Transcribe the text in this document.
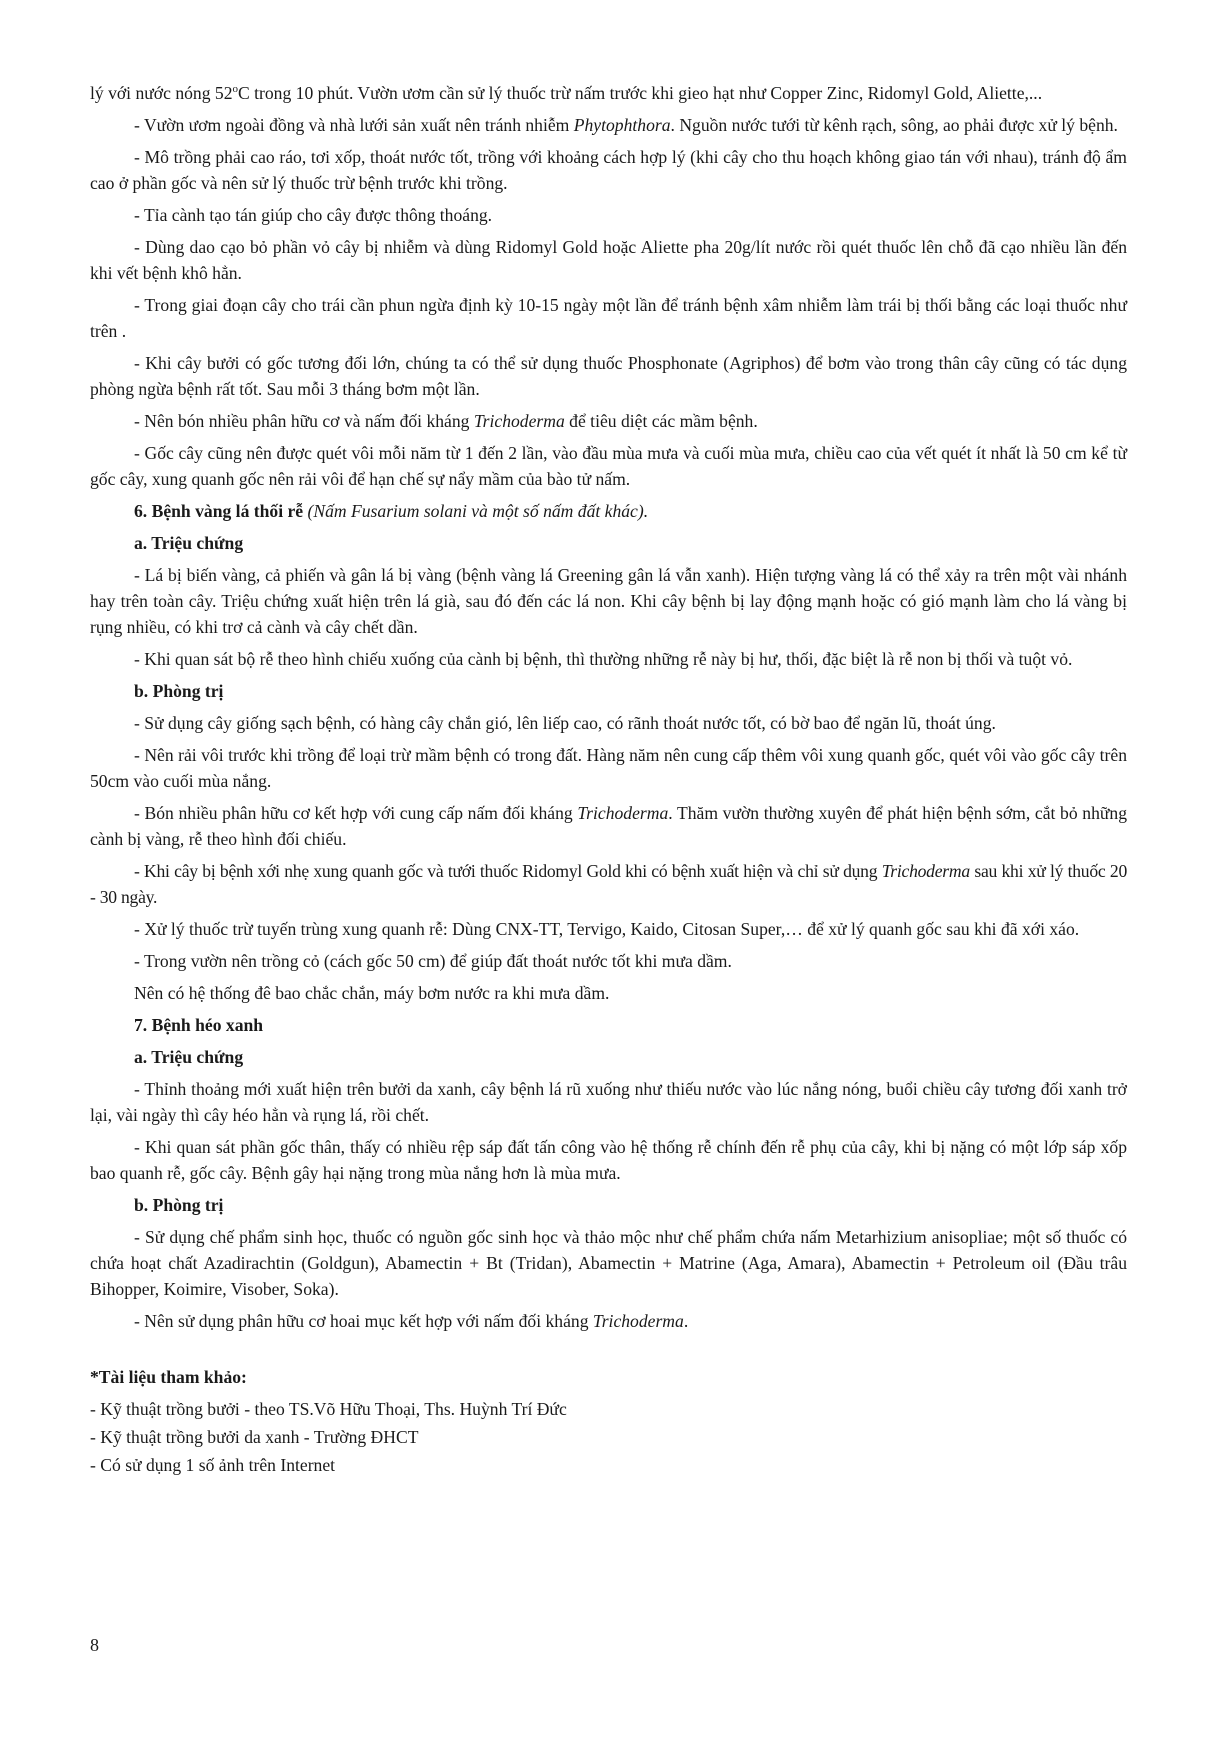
lý với nước nóng 52$^o$C trong 10 phút. Vườn ươm cần sử lý thuốc trừ nấm trước khi gieo hạt như Copper Zinc, Ridomyl Gold, Aliette,...

- Vườn ươm ngoài đồng và nhà lưới sản xuất nên tránh nhiễm Phytophthora. Nguồn nước tưới từ kênh rạch, sông, ao phải được xử lý bệnh.

- Mô trồng phải cao ráo, tơi xốp, thoát nước tốt, trồng với khoảng cách hợp lý (khi cây cho thu hoạch không giao tán với nhau), tránh độ ẩm cao ở phần gốc và nên sử lý thuốc trừ bệnh trước khi trồng.

- Tỉa cành tạo tán giúp cho cây được thông thoáng.

- Dùng dao cạo bỏ phần vỏ cây bị nhiễm và dùng Ridomyl Gold hoặc Aliette pha 20g/lít nước rồi quét thuốc lên chỗ đã cạo nhiều lần đến khi vết bệnh khô hẳn.

- Trong giai đoạn cây cho trái cần phun ngừa định kỳ 10-15 ngày một lần để tránh bệnh xâm nhiễm làm trái bị thối bằng các loại thuốc như trên .

- Khi cây bưởi có gốc tương đối lớn, chúng ta có thể sử dụng thuốc Phosphonate (Agriphos) để bơm vào trong thân cây cũng có tác dụng phòng ngừa bệnh rất tốt. Sau mỗi 3 tháng bơm một lần.

- Nên bón nhiều phân hữu cơ và nấm đối kháng Trichoderma để tiêu diệt các mầm bệnh.

- Gốc cây cũng nên được quét vôi mỗi năm từ 1 đến 2 lần, vào đầu mùa mưa và cuối mùa mưa, chiều cao của vết quét ít nhất là 50 cm kể từ gốc cây, xung quanh gốc nên rải vôi để hạn chế sự nẩy mầm của bào tử nấm.

6. Bệnh vàng lá thối rễ (Nấm Fusarium solani và một số nấm đất khác).

a. Triệu chứng

- Lá bị biến vàng, cả phiến và gân lá bị vàng (bệnh vàng lá Greening gân lá vẫn xanh). Hiện tượng vàng lá có thể xảy ra trên một vài nhánh hay trên toàn cây. Triệu chứng xuất hiện trên lá già, sau đó đến các lá non. Khi cây bệnh bị lay động mạnh hoặc có gió mạnh làm cho lá vàng bị rụng nhiều, có khi trơ cả cành và cây chết dần.

- Khi quan sát bộ rễ theo hình chiếu xuống của cành bị bệnh, thì thường những rễ này bị hư, thối, đặc biệt là rễ non bị thối và tuột vỏ.

b. Phòng trị

- Sử dụng cây giống sạch bệnh, có hàng cây chắn gió, lên liếp cao, có rãnh thoát nước tốt, có bờ bao để ngăn lũ, thoát úng.

- Nên rải vôi trước khi trồng để loại trừ mầm bệnh có trong đất. Hàng năm nên cung cấp thêm vôi xung quanh gốc, quét vôi vào gốc cây trên 50cm vào cuối mùa nắng.

- Bón nhiều phân hữu cơ kết hợp với cung cấp nấm đối kháng Trichoderma. Thăm vườn thường xuyên để phát hiện bệnh sớm, cắt bỏ những cành bị vàng, rễ theo hình đối chiếu.

- Khi cây bị bệnh xới nhẹ xung quanh gốc và tưới thuốc Ridomyl Gold khi có bệnh xuất hiện và chỉ sử dụng Trichoderma sau khi xử lý thuốc 20 - 30 ngày.

- Xử lý thuốc trừ tuyến trùng xung quanh rễ: Dùng CNX-TT, Tervigo, Kaido, Citosan Super,… để xử lý quanh gốc sau khi đã xới xáo.

- Trong vườn nên trồng cỏ (cách gốc 50 cm) để giúp đất thoát nước tốt khi mưa dầm.

Nên có hệ thống đê bao chắc chắn, máy bơm nước ra khi mưa dầm.

7. Bệnh héo xanh

a. Triệu chứng

- Thỉnh thoảng mới xuất hiện trên bưởi da xanh, cây bệnh lá rũ xuống như thiếu nước vào lúc nắng nóng, buổi chiều cây tương đối xanh trở lại, vài ngày thì cây héo hẳn và rụng lá, rồi chết.

- Khi quan sát phần gốc thân, thấy có nhiều rệp sáp đất tấn công vào hệ thống rễ chính đến rễ phụ của cây, khi bị nặng có một lớp sáp xốp bao quanh rễ, gốc cây. Bệnh gây hại nặng trong mùa nắng hơn là mùa mưa.

b. Phòng trị

- Sử dụng chế phẩm sinh học, thuốc có nguồn gốc sinh học và thảo mộc như chế phẩm chứa nấm Metarhizium anisopliae; một số thuốc có chứa hoạt chất Azadirachtin (Goldgun), Abamectin + Bt (Tridan), Abamectin + Matrine (Aga, Amara), Abamectin + Petroleum oil (Đầu trâu Bihopper, Koimire, Visober, Soka).

- Nên sử dụng phân hữu cơ hoai mục kết hợp với nấm đối kháng Trichoderma.

*Tài liệu tham khảo:

- Kỹ thuật trồng bưởi - theo TS.Võ Hữu Thoại, Ths. Huỳnh Trí Đức

- Kỹ thuật trồng bưởi da xanh - Trường ĐHCT

- Có sử dụng 1 số ảnh trên Internet

8
